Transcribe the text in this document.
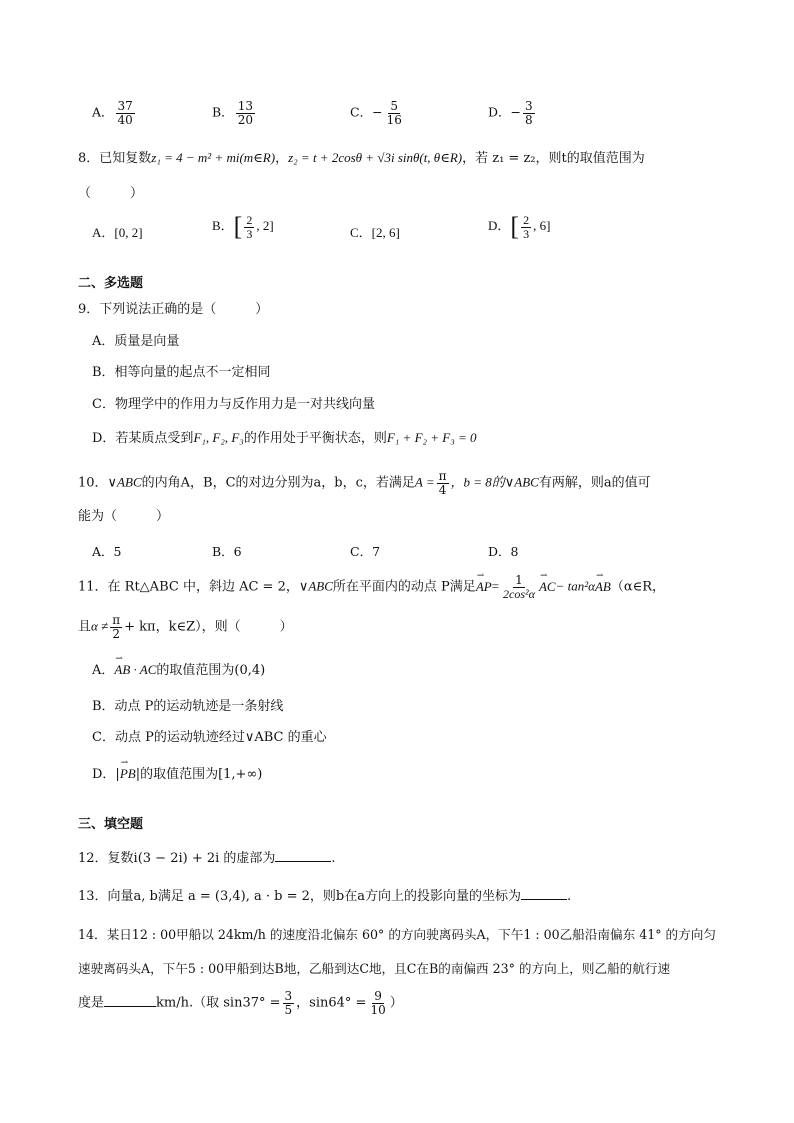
A． $\frac{37}{40}$	B． $\frac{13}{20}$	C．− $\frac{5}{16}$	D．− $\frac{3}{8}$
8．已知复数z₁ = 4 − m² + mi(m∈R)，z₂ = t + 2cosθ + √3i sinθ(t, θ∈R)，若 z₁ = z₂，则t的取值范围为
（　　　）
A．[0, 2]	B．[ $\frac{2}{3}$ , 2]	C．[2, 6]	D．[ $\frac{2}{3}$ , 6]
二、多选题
9．下列说法正确的是（　　　）
A．质量是向量
B．相等向量的起点不一定相同
C．物理学中的作用力与反作用力是一对共线向量
D．若某质点受到F₁, F₂, F₃的作用处于平衡状态，则F₁ + F₂ + F₃ = 0
10．∨ABC的内角A，B，C的对边分别为a，b，c，若满足$A = \frac{\pi}{4}$ ，b = 8的∨ABC有两解，则a的值可
能为（　　　）
A．5	B．6	C．7	D．8
11．在 Rt△ABC 中，斜边 AC = 2，∨ABC所在平面内的动点 P满足⇀ $AP= \frac{1}{\text{2cos²α}}$
⇀ AC− tan²α⇀ AB（α∈R，
且$\alpha \ne \frac{\pi}{2} + k\pi$，k∈Z），则（　　　）
A．⇀ AB · AC的取值范围为(0,4)
B．动点 P的运动轨迹是一条射线
C．动点 P的运动轨迹经过∨ABC 的重心
D．|⇀ PB|的取值范围为[1,+∞)
三、填空题
12．复数i(3 − 2i) + 2i 的虚部为	.
13．向量a, b满足 a = (3,4), a · b = 2，则b在a方向上的投影向量的坐标为	.
14．某日12 : 00甲船以 24km/h 的速度沿北偏东 60° 的方向驶离码头A，下午1 : 00乙船沿南偏东 41° 的方向匀
速驶离码头A，下午5 : 00甲船到达B地，乙船到达C地，且C在B的南偏西 23° 的方向上，则乙船的航行速
度是	km/h.（取 $\sin 37^\circ = \frac{3}{5}$ ，$\sin 64^\circ = \frac{9}{10}$ ）
